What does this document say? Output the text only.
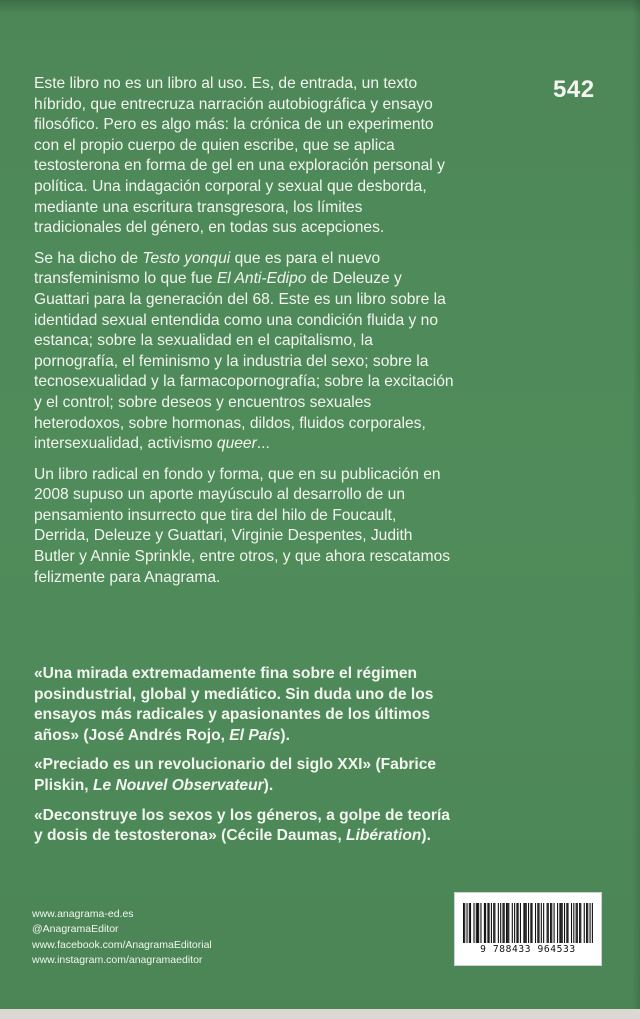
542

Este libro no es un libro al uso. Es, de entrada, un texto híbrido, que entrecruza narración autobiográfica y ensayo filosófico. Pero es algo más: la crónica de un experimento con el propio cuerpo de quien escribe, que se aplica testosterona en forma de gel en una exploración personal y política. Una indagación corporal y sexual que desborda, mediante una escritura transgresora, los límites tradicionales del género, en todas sus acepciones.

Se ha dicho de Testo yonqui que es para el nuevo transfeminismo lo que fue El Anti-Edipo de Deleuze y Guattari para la generación del 68. Este es un libro sobre la identidad sexual entendida como una condición fluida y no estanca; sobre la sexualidad en el capitalismo, la pornografía, el feminismo y la industria del sexo; sobre la tecnosexualidad y la farmacopornografía; sobre la excitación y el control; sobre deseos y encuentros sexuales heterodoxos, sobre hormonas, dildos, fluidos corporales, intersexualidad, activismo queer...

Un libro radical en fondo y forma, que en su publicación en 2008 supuso un aporte mayúsculo al desarrollo de un pensamiento insurrecto que tira del hilo de Foucault, Derrida, Deleuze y Guattari, Virginie Despentes, Judith Butler y Annie Sprinkle, entre otros, y que ahora rescatamos felizmente para Anagrama.

«Una mirada extremadamente fina sobre el régimen posindustrial, global y mediático. Sin duda uno de los ensayos más radicales y apasionantes de los últimos años» (José Andrés Rojo, El País).

«Preciado es un revolucionario del siglo XXI» (Fabrice Pliskin, Le Nouvel Observateur).

«Deconstruye los sexos y los géneros, a golpe de teoría y dosis de testosterona» (Cécile Daumas, Libération).

www.anagrama-ed.es
@AnagramaEditor
www.facebook.com/AnagramaEditorial
www.instagram.com/anagramaeditor
9 788433 964533
